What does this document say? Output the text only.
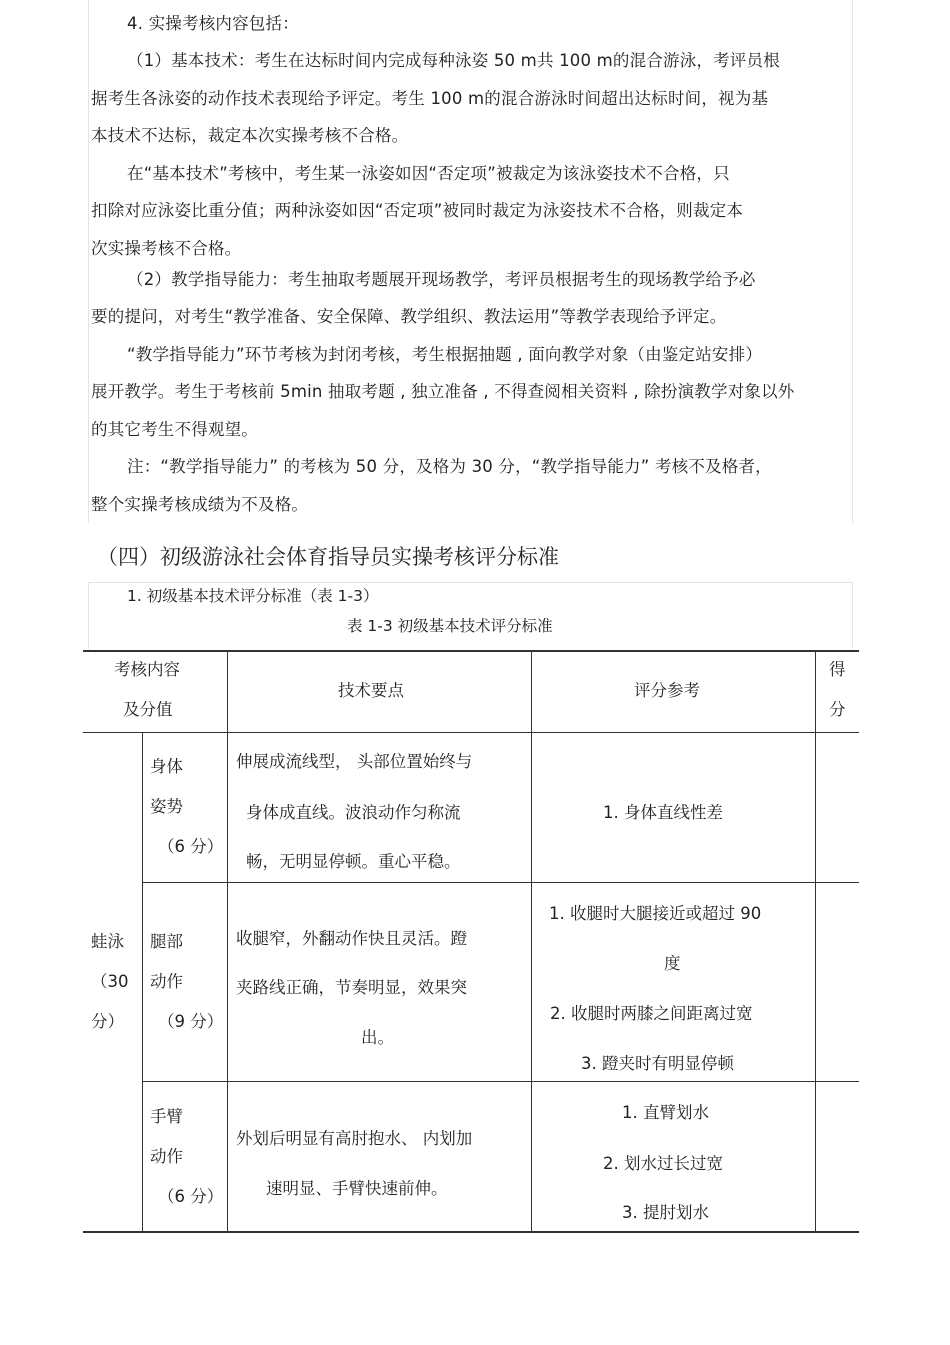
4. 实操考核内容包括：
（1）基本技术：考生在达标时间内完成每种泳姿 50 m共 100 m的混合游泳，考评员根
据考生各泳姿的动作技术表现给予评定。考生 100 m的混合游泳时间超出达标时间，视为基
本技术不达标，裁定本次实操考核不合格。
在“基本技术”考核中，考生某一泳姿如因“否定项”被裁定为该泳姿技术不合格，只
扣除对应泳姿比重分值；两种泳姿如因“否定项”被同时裁定为泳姿技术不合格，则裁定本
次实操考核不合格。
（2）教学指导能力：考生抽取考题展开现场教学，考评员根据考生的现场教学给予必
要的提问，对考生“教学准备、安全保障、教学组织、教法运用”等教学表现给予评定。
“教学指导能力”环节考核为封闭考核，考生根据抽题 , 面向教学对象（由鉴定站安排）
展开教学。考生于考核前 5min 抽取考题 , 独立准备 , 不得查阅相关资料 , 除扮演教学对象以外
的其它考生不得观望。
注：“教学指导能力” 的考核为 50 分，及格为 30 分，“教学指导能力” 考核不及格者，
整个实操考核成绩为不及格。
（四）初级游泳社会体育指导员实操考核评分标准
1. 初级基本技术评分标准（表 1-3）
表 1-3 初级基本技术评分标准
考核内容
及分值
技术要点	评分参考
得
分
蛙泳
（30
分）
身体
姿势
（6 分）
伸展成流线型， 头部位置始终与
身体成直线。波浪动作匀称流
畅，无明显停顿。重心平稳。
1. 身体直线性差
腿部
动作
（9 分）
收腿窄，外翻动作快且灵活。蹬
夹路线正确，节奏明显，效果突
出。
1. 收腿时大腿接近或超过 90
度
2. 收腿时两膝之间距离过宽
3. 蹬夹时有明显停顿
手臂
动作
（6 分）
外划后明显有高肘抱水、 内划加
速明显、手臂快速前伸。
1. 直臂划水
2. 划水过长过宽
3. 提肘划水
